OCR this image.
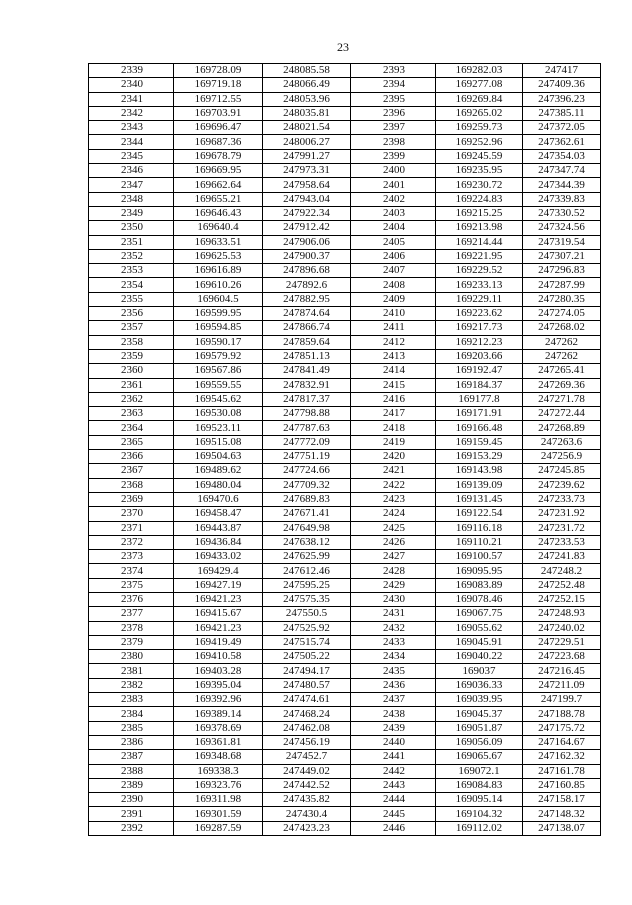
23
2339	169728.09	248085.58	2393	169282.03	247417
2340	169719.18	248066.49	2394	169277.08	247409.36
2341	169712.55	248053.96	2395	169269.84	247396.23
2342	169703.91	248035.81	2396	169265.02	247385.11
2343	169696.47	248021.54	2397	169259.73	247372.05
2344	169687.36	248006.27	2398	169252.96	247362.61
2345	169678.79	247991.27	2399	169245.59	247354.03
2346	169669.95	247973.31	2400	169235.95	247347.74
2347	169662.64	247958.64	2401	169230.72	247344.39
2348	169655.21	247943.04	2402	169224.83	247339.83
2349	169646.43	247922.34	2403	169215.25	247330.52
2350	169640.4	247912.42	2404	169213.98	247324.56
2351	169633.51	247906.06	2405	169214.44	247319.54
2352	169625.53	247900.37	2406	169221.95	247307.21
2353	169616.89	247896.68	2407	169229.52	247296.83
2354	169610.26	247892.6	2408	169233.13	247287.99
2355	169604.5	247882.95	2409	169229.11	247280.35
2356	169599.95	247874.64	2410	169223.62	247274.05
2357	169594.85	247866.74	2411	169217.73	247268.02
2358	169590.17	247859.64	2412	169212.23	247262
2359	169579.92	247851.13	2413	169203.66	247262
2360	169567.86	247841.49	2414	169192.47	247265.41
2361	169559.55	247832.91	2415	169184.37	247269.36
2362	169545.62	247817.37	2416	169177.8	247271.78
2363	169530.08	247798.88	2417	169171.91	247272.44
2364	169523.11	247787.63	2418	169166.48	247268.89
2365	169515.08	247772.09	2419	169159.45	247263.6
2366	169504.63	247751.19	2420	169153.29	247256.9
2367	169489.62	247724.66	2421	169143.98	247245.85
2368	169480.04	247709.32	2422	169139.09	247239.62
2369	169470.6	247689.83	2423	169131.45	247233.73
2370	169458.47	247671.41	2424	169122.54	247231.92
2371	169443.87	247649.98	2425	169116.18	247231.72
2372	169436.84	247638.12	2426	169110.21	247233.53
2373	169433.02	247625.99	2427	169100.57	247241.83
2374	169429.4	247612.46	2428	169095.95	247248.2
2375	169427.19	247595.25	2429	169083.89	247252.48
2376	169421.23	247575.35	2430	169078.46	247252.15
2377	169415.67	247550.5	2431	169067.75	247248.93
2378	169421.23	247525.92	2432	169055.62	247240.02
2379	169419.49	247515.74	2433	169045.91	247229.51
2380	169410.58	247505.22	2434	169040.22	247223.68
2381	169403.28	247494.17	2435	169037	247216.45
2382	169395.04	247480.57	2436	169036.33	247211.09
2383	169392.96	247474.61	2437	169039.95	247199.7
2384	169389.14	247468.24	2438	169045.37	247188.78
2385	169378.69	247462.08	2439	169051.87	247175.72
2386	169361.81	247456.19	2440	169056.09	247164.67
2387	169348.68	247452.7	2441	169065.67	247162.32
2388	169338.3	247449.02	2442	169072.1	247161.78
2389	169323.76	247442.52	2443	169084.83	247160.85
2390	169311.98	247435.82	2444	169095.14	247158.17
2391	169301.59	247430.4	2445	169104.32	247148.32
2392	169287.59	247423.23	2446	169112.02	247138.07
